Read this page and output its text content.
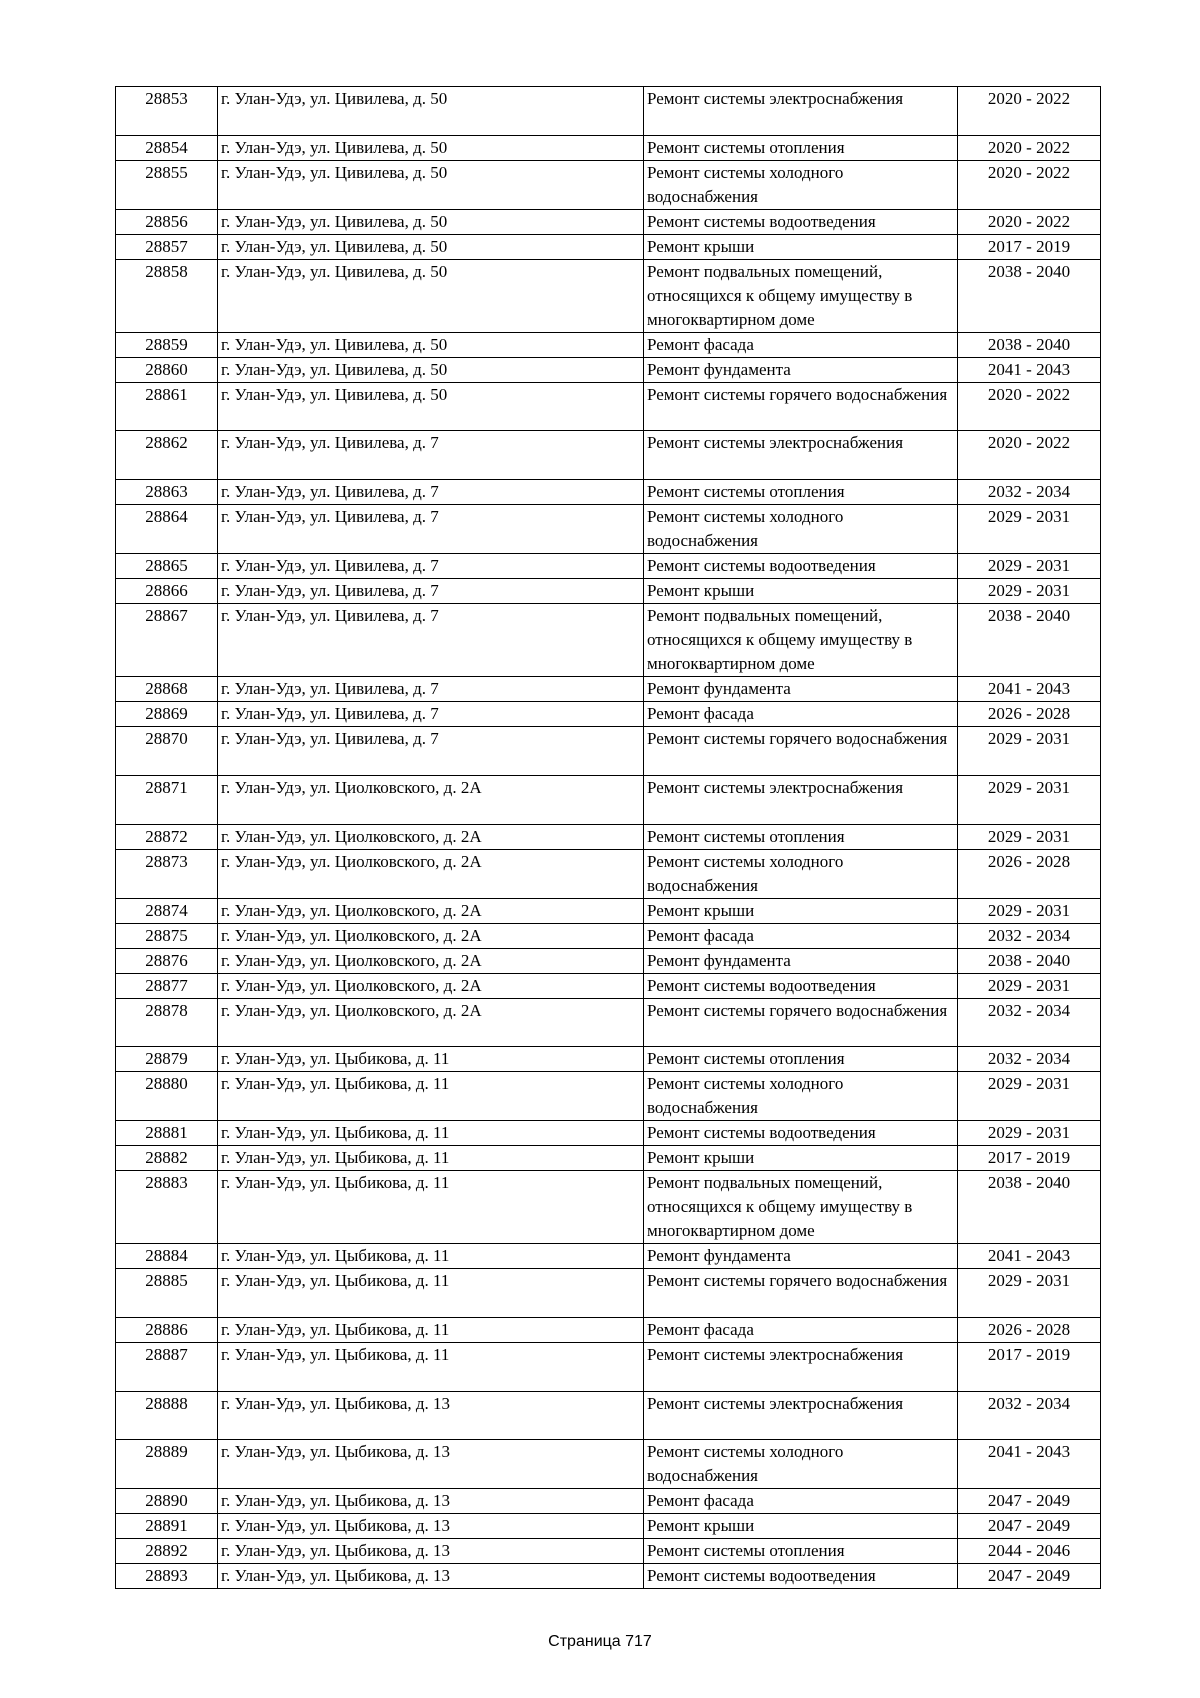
28853	г. Улан-Удэ, ул. Цивилева, д. 50	Ремонт системы электроснабжения	2020 - 2022
28854	г. Улан-Удэ, ул. Цивилева, д. 50	Ремонт системы отопления	2020 - 2022
28855	г. Улан-Удэ, ул. Цивилева, д. 50	Ремонт системы холодного водоснабжения	2020 - 2022
28856	г. Улан-Удэ, ул. Цивилева, д. 50	Ремонт системы водоотведения	2020 - 2022
28857	г. Улан-Удэ, ул. Цивилева, д. 50	Ремонт крыши	2017 - 2019
28858	г. Улан-Удэ, ул. Цивилева, д. 50	Ремонт подвальных помещений, относящихся к общему имуществу в многоквартирном доме	2038 - 2040
28859	г. Улан-Удэ, ул. Цивилева, д. 50	Ремонт фасада	2038 - 2040
28860	г. Улан-Удэ, ул. Цивилева, д. 50	Ремонт фундамента	2041 - 2043
28861	г. Улан-Удэ, ул. Цивилева, д. 50	Ремонт системы горячего водоснабжения	2020 - 2022
28862	г. Улан-Удэ, ул. Цивилева, д. 7	Ремонт системы электроснабжения	2020 - 2022
28863	г. Улан-Удэ, ул. Цивилева, д. 7	Ремонт системы отопления	2032 - 2034
28864	г. Улан-Удэ, ул. Цивилева, д. 7	Ремонт системы холодного водоснабжения	2029 - 2031
28865	г. Улан-Удэ, ул. Цивилева, д. 7	Ремонт системы водоотведения	2029 - 2031
28866	г. Улан-Удэ, ул. Цивилева, д. 7	Ремонт крыши	2029 - 2031
28867	г. Улан-Удэ, ул. Цивилева, д. 7	Ремонт подвальных помещений, относящихся к общему имуществу в многоквартирном доме	2038 - 2040
28868	г. Улан-Удэ, ул. Цивилева, д. 7	Ремонт фундамента	2041 - 2043
28869	г. Улан-Удэ, ул. Цивилева, д. 7	Ремонт фасада	2026 - 2028
28870	г. Улан-Удэ, ул. Цивилева, д. 7	Ремонт системы горячего водоснабжения	2029 - 2031
28871	г. Улан-Удэ, ул. Циолковского, д. 2А	Ремонт системы электроснабжения	2029 - 2031
28872	г. Улан-Удэ, ул. Циолковского, д. 2А	Ремонт системы отопления	2029 - 2031
28873	г. Улан-Удэ, ул. Циолковского, д. 2А	Ремонт системы холодного водоснабжения	2026 - 2028
28874	г. Улан-Удэ, ул. Циолковского, д. 2А	Ремонт крыши	2029 - 2031
28875	г. Улан-Удэ, ул. Циолковского, д. 2А	Ремонт фасада	2032 - 2034
28876	г. Улан-Удэ, ул. Циолковского, д. 2А	Ремонт фундамента	2038 - 2040
28877	г. Улан-Удэ, ул. Циолковского, д. 2А	Ремонт системы водоотведения	2029 - 2031
28878	г. Улан-Удэ, ул. Циолковского, д. 2А	Ремонт системы горячего водоснабжения	2032 - 2034
28879	г. Улан-Удэ, ул. Цыбикова, д. 11	Ремонт системы отопления	2032 - 2034
28880	г. Улан-Удэ, ул. Цыбикова, д. 11	Ремонт системы холодного водоснабжения	2029 - 2031
28881	г. Улан-Удэ, ул. Цыбикова, д. 11	Ремонт системы водоотведения	2029 - 2031
28882	г. Улан-Удэ, ул. Цыбикова, д. 11	Ремонт крыши	2017 - 2019
28883	г. Улан-Удэ, ул. Цыбикова, д. 11	Ремонт подвальных помещений, относящихся к общему имуществу в многоквартирном доме	2038 - 2040
28884	г. Улан-Удэ, ул. Цыбикова, д. 11	Ремонт фундамента	2041 - 2043
28885	г. Улан-Удэ, ул. Цыбикова, д. 11	Ремонт системы горячего водоснабжения	2029 - 2031
28886	г. Улан-Удэ, ул. Цыбикова, д. 11	Ремонт фасада	2026 - 2028
28887	г. Улан-Удэ, ул. Цыбикова, д. 11	Ремонт системы электроснабжения	2017 - 2019
28888	г. Улан-Удэ, ул. Цыбикова, д. 13	Ремонт системы электроснабжения	2032 - 2034
28889	г. Улан-Удэ, ул. Цыбикова, д. 13	Ремонт системы холодного водоснабжения	2041 - 2043
28890	г. Улан-Удэ, ул. Цыбикова, д. 13	Ремонт фасада	2047 - 2049
28891	г. Улан-Удэ, ул. Цыбикова, д. 13	Ремонт крыши	2047 - 2049
28892	г. Улан-Удэ, ул. Цыбикова, д. 13	Ремонт системы отопления	2044 - 2046
28893	г. Улан-Удэ, ул. Цыбикова, д. 13	Ремонт системы водоотведения	2047 - 2049
Страница 717
